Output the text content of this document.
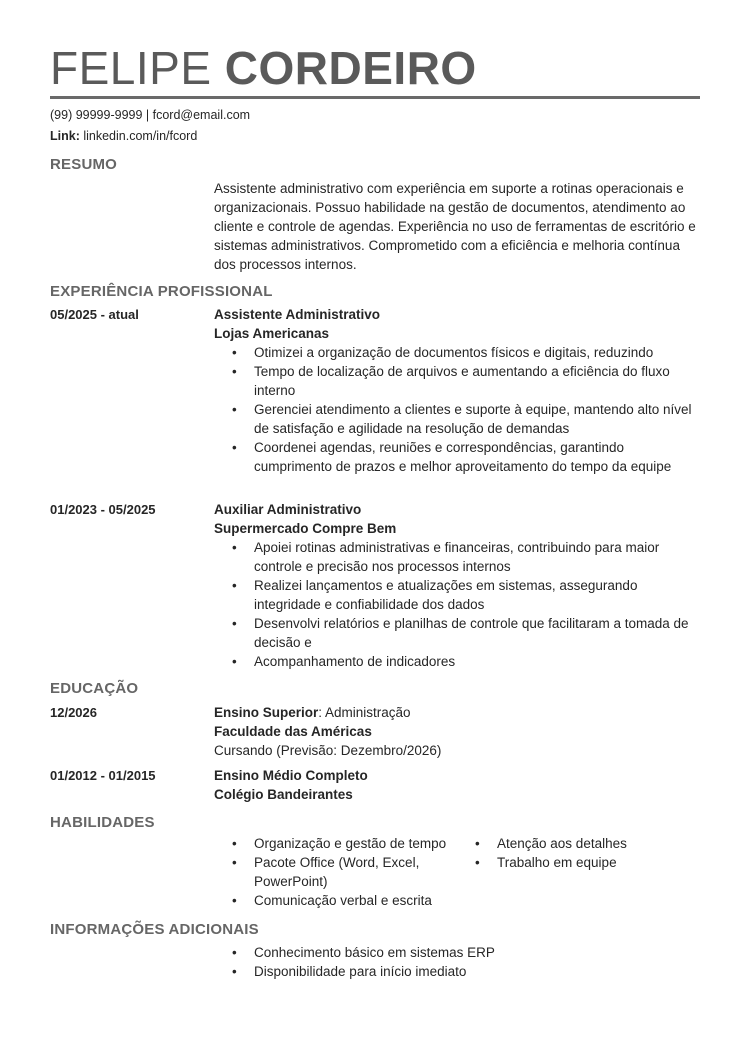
FELIPE CORDEIRO
(99) 99999-9999 | fcord@email.com
Link: linkedin.com/in/fcord
RESUMO
Assistente administrativo com experiência em suporte a rotinas operacionais e organizacionais. Possuo habilidade na gestão de documentos, atendimento ao cliente e controle de agendas. Experiência no uso de ferramentas de escritório e sistemas administrativos. Comprometido com a eficiência e melhoria contínua dos processos internos.
EXPERIÊNCIA PROFISSIONAL
05/2025 - atual	Assistente Administrativo
Lojas Americanas
• Otimizei a organização de documentos físicos e digitais, reduzindo
• Tempo de localização de arquivos e aumentando a eficiência do fluxo interno
• Gerenciei atendimento a clientes e suporte à equipe, mantendo alto nível de satisfação e agilidade na resolução de demandas
• Coordenei agendas, reuniões e correspondências, garantindo cumprimento de prazos e melhor aproveitamento do tempo da equipe
01/2023 - 05/2025	Auxiliar Administrativo
Supermercado Compre Bem
• Apoiei rotinas administrativas e financeiras, contribuindo para maior controle e precisão nos processos internos
• Realizei lançamentos e atualizações em sistemas, assegurando integridade e confiabilidade dos dados
• Desenvolvi relatórios e planilhas de controle que facilitaram a tomada de decisão e
• Acompanhamento de indicadores
EDUCAÇÃO
12/2026	Ensino Superior: Administração
Faculdade das Américas
Cursando (Previsão: Dezembro/2026)
01/2012 - 01/2015	Ensino Médio Completo
Colégio Bandeirantes
HABILIDADES
• Organização e gestão de tempo
• Pacote Office (Word, Excel, PowerPoint)
• Comunicação verbal e escrita
• Atenção aos detalhes
• Trabalho em equipe
INFORMAÇÕES ADICIONAIS
• Conhecimento básico em sistemas ERP
• Disponibilidade para início imediato
